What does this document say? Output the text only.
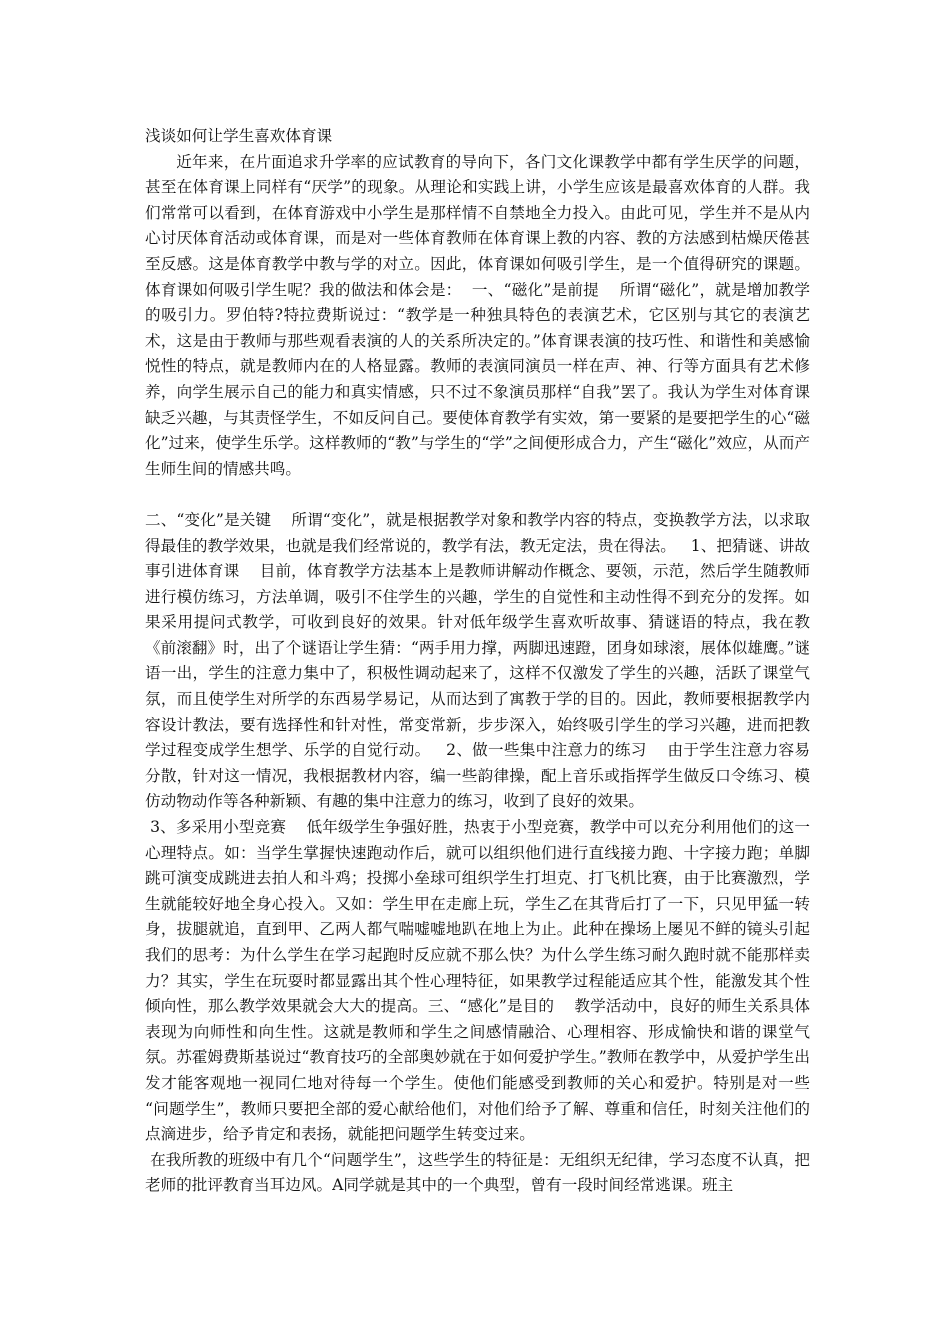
浅谈如何让学生喜欢体育课

近年来，在片面追求升学率的应试教育的导向下，各门文化课教学中都有学生厌学的问题，甚至在体育课上同样有“厌学”的现象。从理论和实践上讲，小学生应该是最喜欢体育的人群。我们常常可以看到，在体育游戏中小学生是那样情不自禁地全力投入。由此可见，学生并不是从内心讨厌体育活动或体育课，而是对一些体育教师在体育课上教的内容、教的方法感到枯燥厌倦甚至反感。这是体育教学中教与学的对立。因此，体育课如何吸引学生，是一个值得研究的课题。    体育课如何吸引学生呢？我的做法和体会是：  一、“磁化”是前提    所谓“磁化”，就是增加教学的吸引力。罗伯特?特拉费斯说过：“教学是一种独具特色的表演艺术，它区别与其它的表演艺术，这是由于教师与那些观看表演的人的关系所决定的。”体育课表演的技巧性、和谐性和美感愉悦性的特点，就是教师内在的人格显露。教师的表演同演员一样在声、神、行等方面具有艺术修养，向学生展示自己的能力和真实情感，只不过不象演员那样“自我”罢了。我认为学生对体育课缺乏兴趣，与其责怪学生，不如反问自己。要使体育教学有实效，第一要紧的是要把学生的心“磁化”过来，使学生乐学。这样教师的“教”与学生的“学”之间便形成合力，产生“磁化”效应，从而产生师生间的情感共鸣。

二、“变化”是关键    所谓“变化”，就是根据教学对象和教学内容的特点，变换教学方法，以求取得最佳的教学效果，也就是我们经常说的，教学有法，教无定法，贵在得法。   1、把猜谜、讲故事引进体育课    目前，体育教学方法基本上是教师讲解动作概念、要领，示范，然后学生随教师进行模仿练习，方法单调，吸引不住学生的兴趣，学生的自觉性和主动性得不到充分的发挥。如果采用提问式教学，可收到良好的效果。针对低年级学生喜欢听故事、猜谜语的特点，我在教《前滚翻》时，出了个谜语让学生猜：“两手用力撑，两脚迅速蹬，团身如球滚，展体似雄鹰。”谜语一出，学生的注意力集中了，积极性调动起来了，这样不仅激发了学生的兴趣，活跃了课堂气氛，而且使学生对所学的东西易学易记，从而达到了寓教于学的目的。因此，教师要根据教学内容设计教法，要有选择性和针对性，常变常新，步步深入，始终吸引学生的学习兴趣，进而把教学过程变成学生想学、乐学的自觉行动。   2、做一些集中注意力的练习    由于学生注意力容易分散，针对这一情况，我根据教材内容，编一些韵律操，配上音乐或指挥学生做反口令练习、模仿动物动作等各种新颖、有趣的集中注意力的练习，收到了良好的效果。

3、多采用小型竞赛    低年级学生争强好胜，热衷于小型竞赛，教学中可以充分利用他们的这一心理特点。如：当学生掌握快速跑动作后，就可以组织他们进行直线接力跑、十字接力跑；单脚跳可演变成跳进去拍人和斗鸡；投掷小垒球可组织学生打坦克、打飞机比赛，由于比赛激烈，学生就能较好地全身心投入。又如：学生甲在走廊上玩，学生乙在其背后打了一下，只见甲猛一转身，拔腿就追，直到甲、乙两人都气喘嘘嘘地趴在地上为止。此种在操场上屡见不鲜的镜头引起我们的思考：为什么学生在学习起跑时反应就不那么快？为什么学生练习耐久跑时就不能那样卖力？其实，学生在玩耍时都显露出其个性心理特征，如果教学过程能适应其个性，能激发其个性倾向性，那么教学效果就会大大的提高。三、“感化”是目的    教学活动中，良好的师生关系具体表现为向师性和向生性。这就是教师和学生之间感情融洽、心理相容、形成愉快和谐的课堂气氛。苏霍姆费斯基说过“教育技巧的全部奥妙就在于如何爱护学生。”教师在教学中，从爱护学生出发才能客观地一视同仁地对待每一个学生。使他们能感受到教师的关心和爱护。特别是对一些 “问题学生”，教师只要把全部的爱心献给他们，对他们给予了解、尊重和信任，时刻关注他们的点滴进步，给予肯定和表扬，就能把问题学生转变过来。

在我所教的班级中有几个“问题学生”，这些学生的特征是：无组织无纪律，学习态度不认真，把老师的批评教育当耳边风。A同学就是其中的一个典型，曾有一段时间经常逃课。班主
